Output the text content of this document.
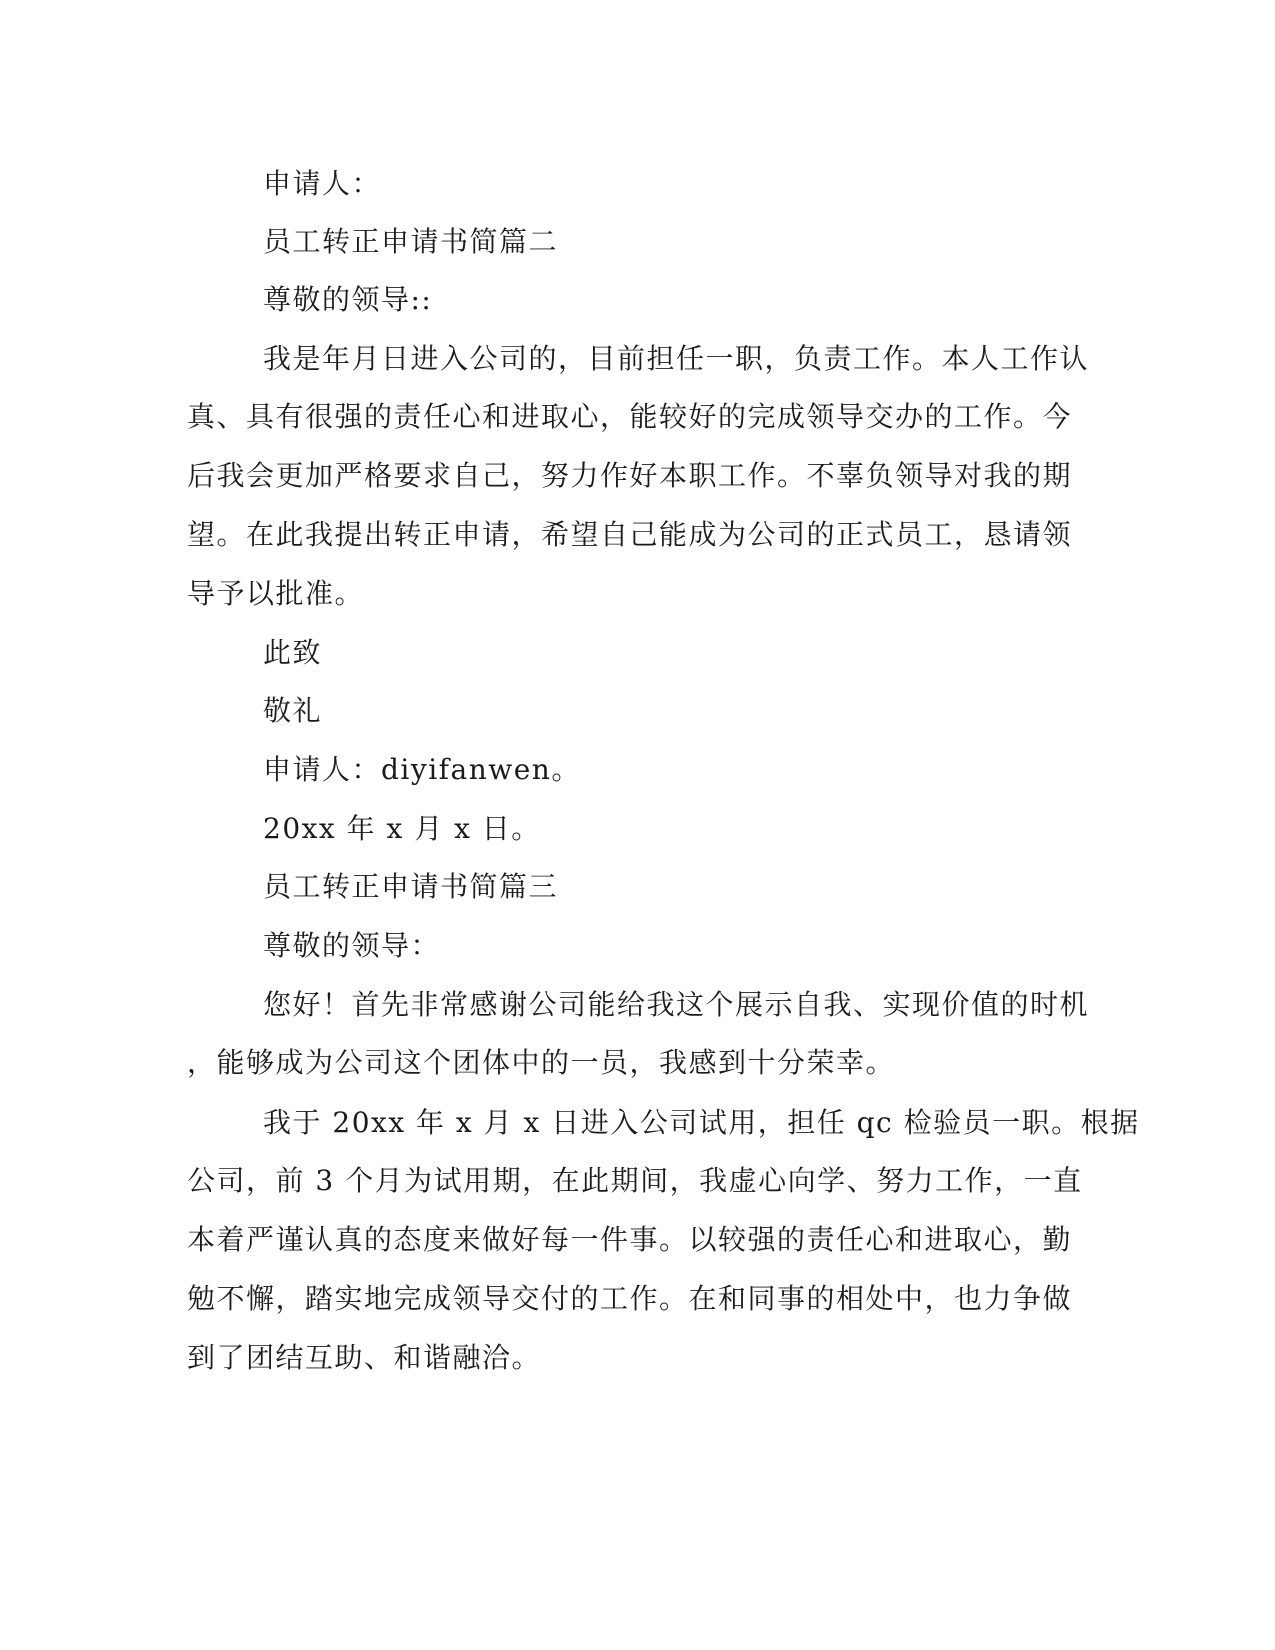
申请人：

员工转正申请书简篇二

尊敬的领导::

我是年月日进入公司的，目前担任一职，负责工作。本人工作认

真、具有很强的责任心和进取心，能较好的完成领导交办的工作。今

后我会更加严格要求自己，努力作好本职工作。不辜负领导对我的期

望。在此我提出转正申请，希望自己能成为公司的正式员工，恳请领

导予以批准。

此致

敬礼

申请人：diyifanwen。

20xx 年 x 月 x 日。

员工转正申请书简篇三

尊敬的领导：

您好！首先非常感谢公司能给我这个展示自我、实现价值的时机

，能够成为公司这个团体中的一员，我感到十分荣幸。

我于 20xx 年 x 月 x 日进入公司试用，担任 qc 检验员一职。根据

公司，前 3 个月为试用期，在此期间，我虚心向学、努力工作，一直

本着严谨认真的态度来做好每一件事。以较强的责任心和进取心，勤

勉不懈，踏实地完成领导交付的工作。在和同事的相处中，也力争做

到了团结互助、和谐融洽。
